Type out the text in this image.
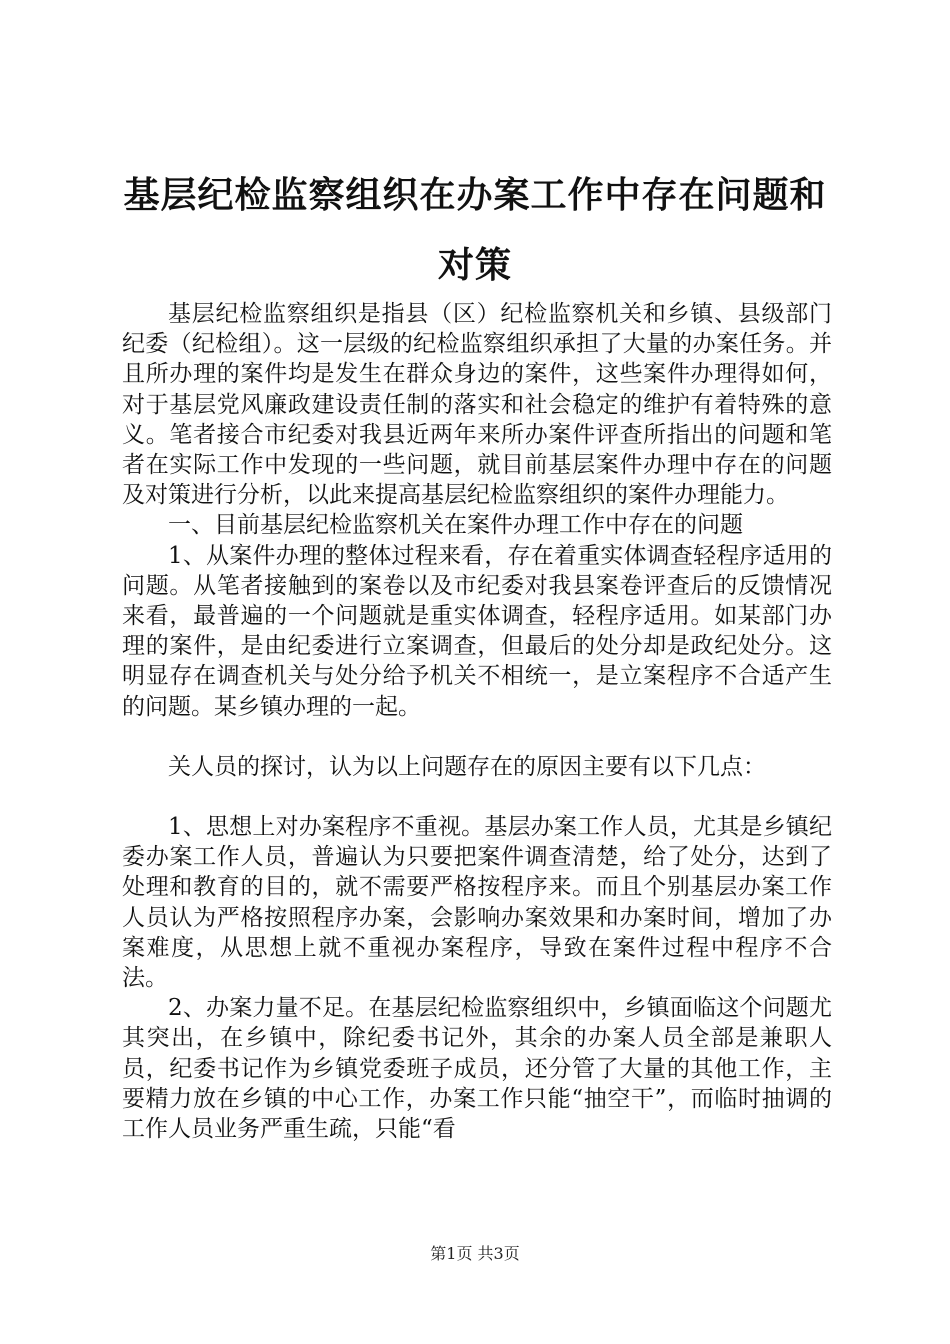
基层纪检监察组织在办案工作中存在问题和对策

基层纪检监察组织是指县（区）纪检监察机关和乡镇、县级部门纪委（纪检组）。这一层级的纪检监察组织承担了大量的办案任务。并且所办理的案件均是发生在群众身边的案件，这些案件办理得如何，对于基层党风廉政建设责任制的落实和社会稳定的维护有着特殊的意义。笔者接合市纪委对我县近两年来所办案件评查所指出的问题和笔者在实际工作中发现的一些问题，就目前基层案件办理中存在的问题及对策进行分析，以此来提高基层纪检监察组织的案件办理能力。

一、目前基层纪检监察机关在案件办理工作中存在的问题

1、从案件办理的整体过程来看，存在着重实体调查轻程序适用的问题。从笔者接触到的案卷以及市纪委对我县案卷评查后的反馈情况来看，最普遍的一个问题就是重实体调查，轻程序适用。如某部门办理的案件，是由纪委进行立案调查，但最后的处分却是政纪处分。这明显存在调查机关与处分给予机关不相统一，是立案程序不合适产生的问题。某乡镇办理的一起。

关人员的探讨，认为以上问题存在的原因主要有以下几点：

1、思想上对办案程序不重视。基层办案工作人员，尤其是乡镇纪委办案工作人员，普遍认为只要把案件调查清楚，给了处分，达到了处理和教育的目的，就不需要严格按程序来。而且个别基层办案工作人员认为严格按照程序办案，会影响办案效果和办案时间，增加了办案难度，从思想上就不重视办案程序，导致在案件过程中程序不合法。

2、办案力量不足。在基层纪检监察组织中，乡镇面临这个问题尤其突出，在乡镇中，除纪委书记外，其余的办案人员全部是兼职人员，纪委书记作为乡镇党委班子成员，还分管了大量的其他工作，主要精力放在乡镇的中心工作，办案工作只能“抽空干”，而临时抽调的工作人员业务严重生疏，只能“看

第1页 共3页
